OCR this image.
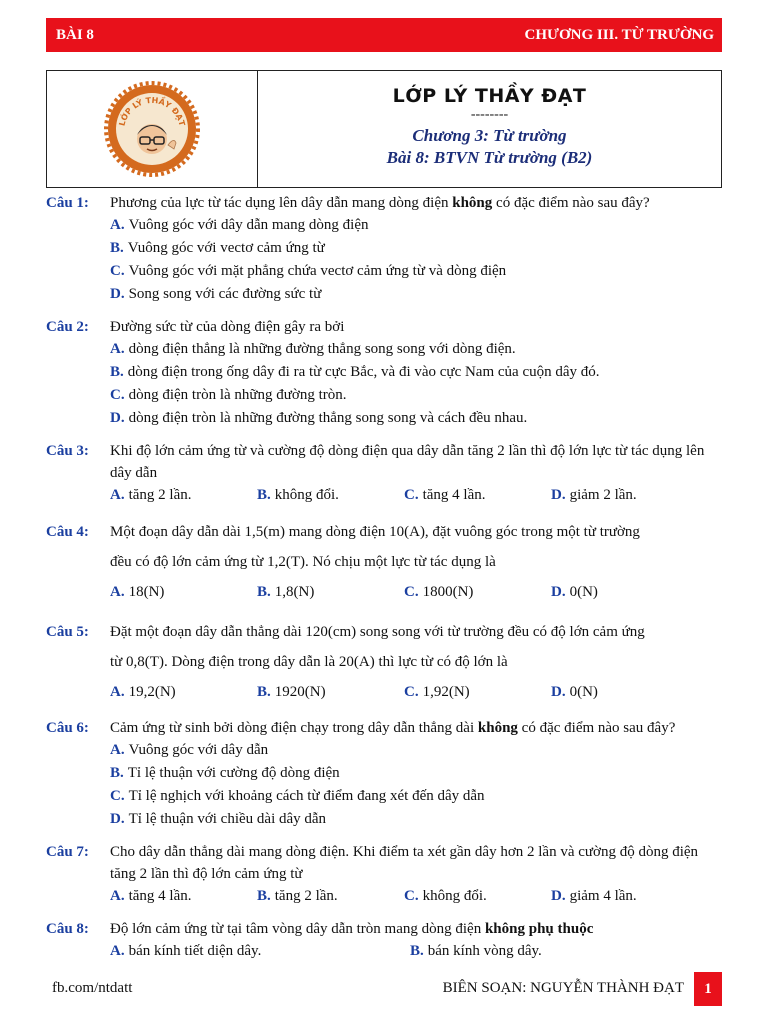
BÀI 8	CHƯƠNG III. TỪ TRƯỜNG
LỚP LÝ THẦY ĐẠT
LỚP LÝ THẦY ĐẠT
--------
Chương 3: Từ trường
Bài 8: BTVN Từ trường (B2)
Câu 1:	Phương của lực từ tác dụng lên dây dẫn mang dòng điện không có đặc điểm nào sau đây?
A. Vuông góc với dây dẫn mang dòng điện
B. Vuông góc với vectơ cảm ứng từ
C. Vuông góc với mặt phẳng chứa vectơ cảm ứng từ và dòng điện
D. Song song với các đường sức từ
Câu 2:	Đường sức từ của dòng điện gây ra bởi
A. dòng điện thẳng là những đường thẳng song song với dòng điện.
B. dòng điện trong ống dây đi ra từ cực Bắc, và đi vào cực Nam của cuộn dây đó.
C. dòng điện tròn là những đường tròn.
D. dòng điện tròn là những đường thẳng song song và cách đều nhau.
Câu 3:	Khi độ lớn cảm ứng từ và cường độ dòng điện qua dây dẫn tăng 2 lần thì độ lớn lực từ tác dụng lên dây dẫn
A. tăng 2 lần.	B. không đổi.	C. tăng 4 lần.	D. giảm 2 lần.
Câu 4:	Một đoạn dây dẫn dài 1,5(m) mang dòng điện 10(A), đặt vuông góc trong một từ trường
đều có độ lớn cảm ứng từ 1,2(T). Nó chịu một lực từ tác dụng là
A. 18(N)	B. 1,8(N)	C. 1800(N)	D. 0(N)
Câu 5:	Đặt một đoạn dây dẫn thẳng dài 120(cm) song song với từ trường đều có độ lớn cảm ứng
từ 0,8(T). Dòng điện trong dây dẫn là 20(A) thì lực từ có độ lớn là
A. 19,2(N)	B. 1920(N)	C. 1,92(N)	D. 0(N)
Câu 6:	Cảm ứng từ sinh bởi dòng điện chạy trong dây dẫn thẳng dài không có đặc điểm nào sau đây?
A. Vuông góc với dây dẫn
B. Tỉ lệ thuận với cường độ dòng điện
C. Tỉ lệ nghịch với khoảng cách từ điểm đang xét đến dây dẫn
D. Tỉ lệ thuận với chiều dài dây dẫn
Câu 7:	Cho dây dẫn thẳng dài mang dòng điện. Khi điểm ta xét gần dây hơn 2 lần và cường độ dòng điện tăng 2 lần thì độ lớn cảm ứng từ
A. tăng 4 lần.	B. tăng 2 lần.	C. không đổi.	D. giảm 4 lần.
Câu 8:	Độ lớn cảm ứng từ tại tâm vòng dây dẫn tròn mang dòng điện không phụ thuộc
A. bán kính tiết diện dây.	B. bán kính vòng dây.
fb.com/ntdatt	BIÊN SOẠN: NGUYỄN THÀNH ĐẠT	1
